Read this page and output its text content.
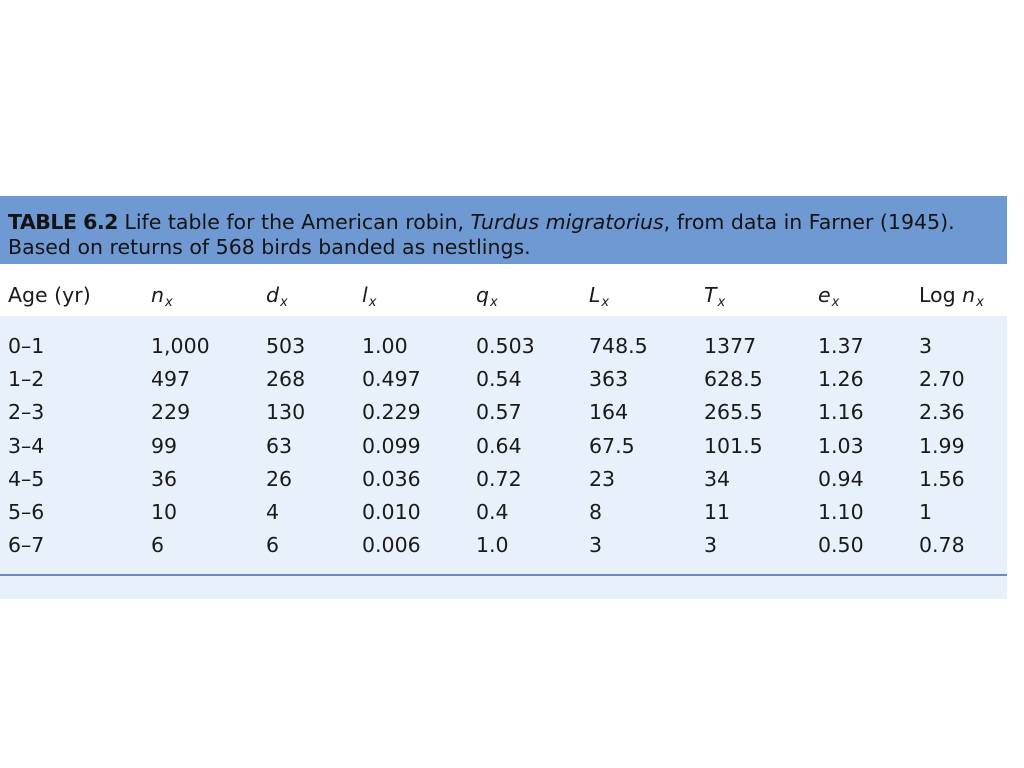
TABLE 6.2 Life table for the American robin, Turdus migratorius, from data in Farner (1945).
Based on returns of 568 birds banded as nestlings.
Age (yr)	$n_x$	$d_x$	$l_x$	$q_x$	$L_x$	$T_x$	$e_x$	Log $n_x$
0–1	1,000	503	1.00	0.503	748.5	1377	1.37	3
1–2	497	268	0.497	0.54	363	628.5	1.26	2.70
2–3	229	130	0.229	0.57	164	265.5	1.16	2.36
3–4	99	63	0.099	0.64	67.5	101.5	1.03	1.99
4–5	36	26	0.036	0.72	23	34	0.94	1.56
5–6	10	4	0.010	0.4	8	11	1.10	1
6–7	6	6	0.006	1.0	3	3	0.50	0.78
